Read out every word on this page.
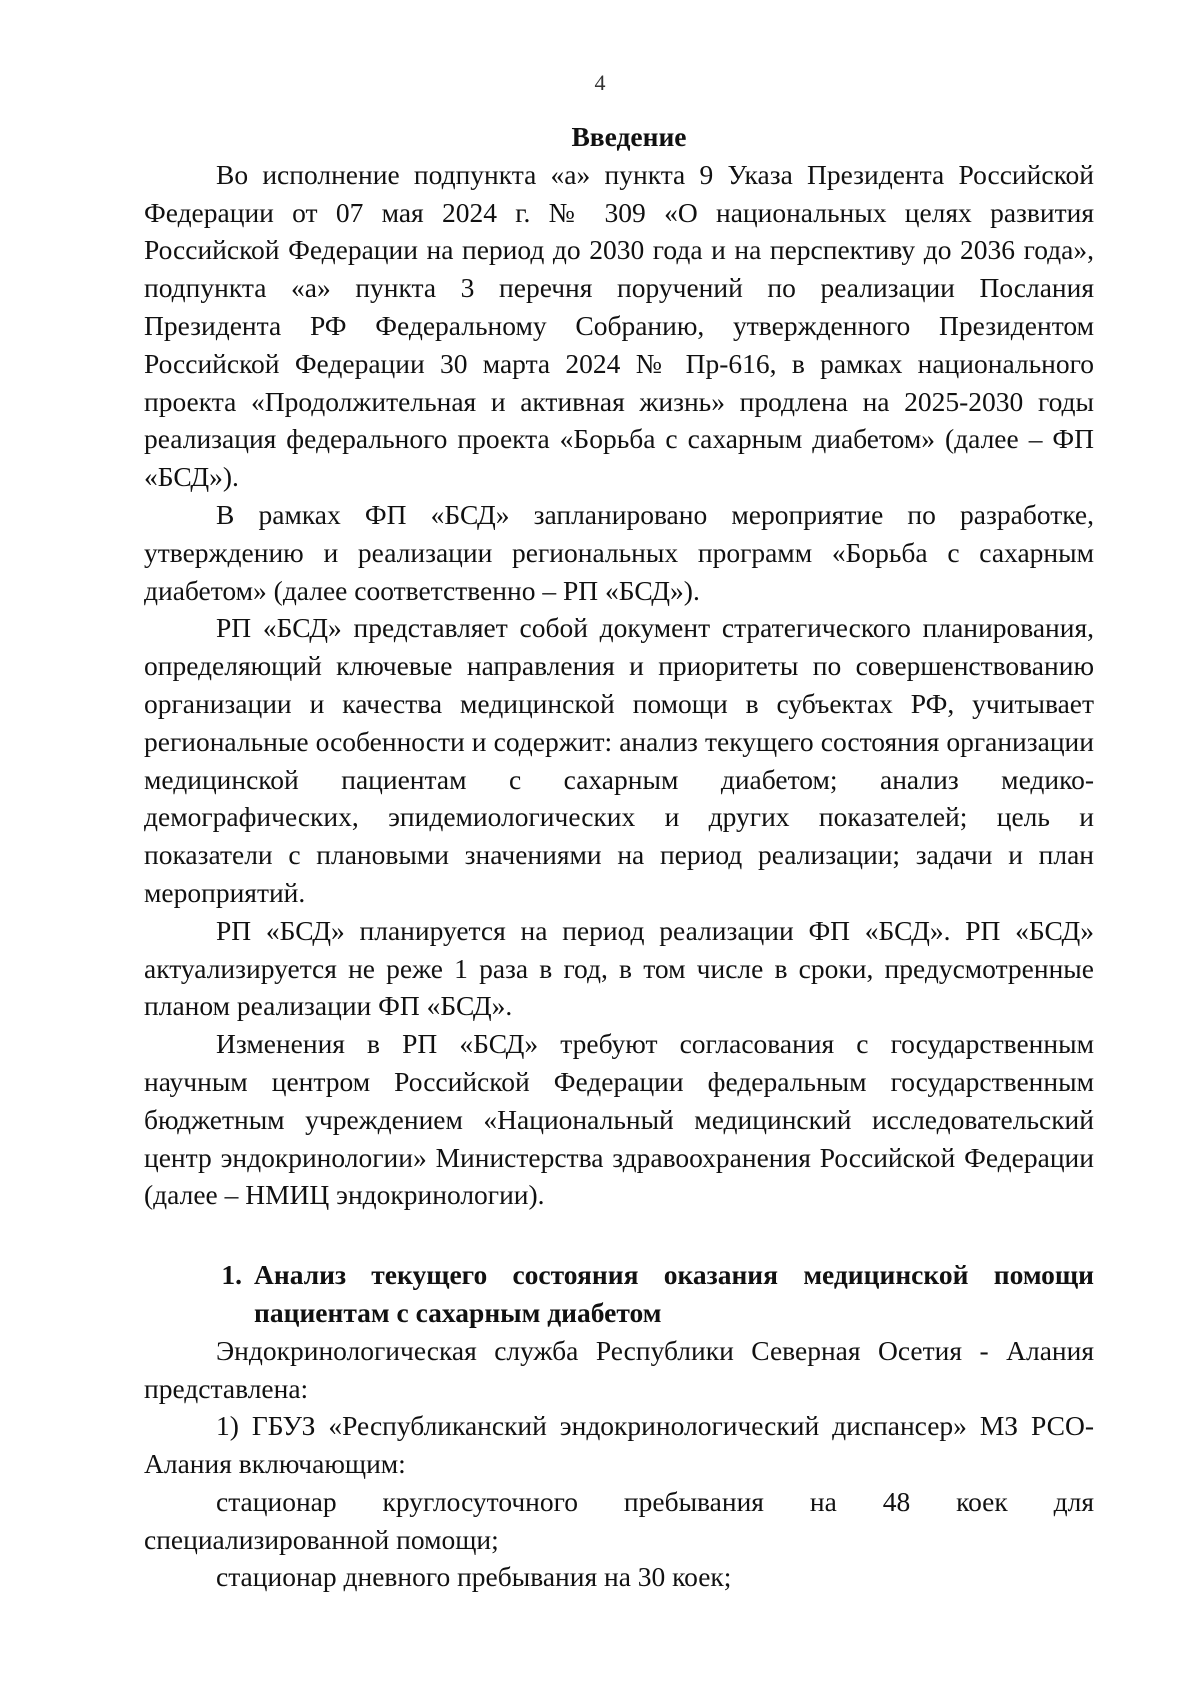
4

Введение

Во исполнение подпункта «а» пункта 9 Указа Президента Российской Федерации от 07 мая 2024 г. № 309 «О национальных целях развития Российской Федерации на период до 2030 года и на перспективу до 2036 года», подпункта «а» пункта 3 перечня поручений по реализации Послания Президента РФ Федеральному Собранию, утвержденного Президентом Российской Федерации 30 марта 2024 № Пр-616, в рамках национального проекта «Продолжительная и активная жизнь» продлена на 2025-2030 годы реализация федерального проекта «Борьба с сахарным диабетом» (далее – ФП «БСД»).

В рамках ФП «БСД» запланировано мероприятие по разработке, утверждению и реализации региональных программ «Борьба с сахарным диабетом» (далее соответственно – РП «БСД»).

РП «БСД» представляет собой документ стратегического планирования, определяющий ключевые направления и приоритеты по совершенствованию организации и качества медицинской помощи в субъектах РФ, учитывает региональные особенности и содержит: анализ текущего состояния организации медицинской пациентам с сахарным диабетом; анализ медико-демографических, эпидемиологических и других показателей; цель и показатели с плановыми значениями на период реализации; задачи и план мероприятий.

РП «БСД» планируется на период реализации ФП «БСД». РП «БСД» актуализируется не реже 1 раза в год, в том числе в сроки, предусмотренные планом реализации ФП «БСД».

Изменения в РП «БСД» требуют согласования с государственным научным центром Российской Федерации федеральным государственным бюджетным учреждением «Национальный медицинский исследовательский центр эндокринологии» Министерства здравоохранения Российской Федерации (далее – НМИЦ эндокринологии).

1. Анализ текущего состояния оказания медицинской помощи пациентам с сахарным диабетом

Эндокринологическая служба Республики Северная Осетия - Алания представлена:

1) ГБУЗ «Республиканский эндокринологический диспансер» МЗ РСО-Алания включающим:

стационар круглосуточного пребывания на 48 коек для специализированной помощи;

стационар дневного пребывания на 30 коек;
